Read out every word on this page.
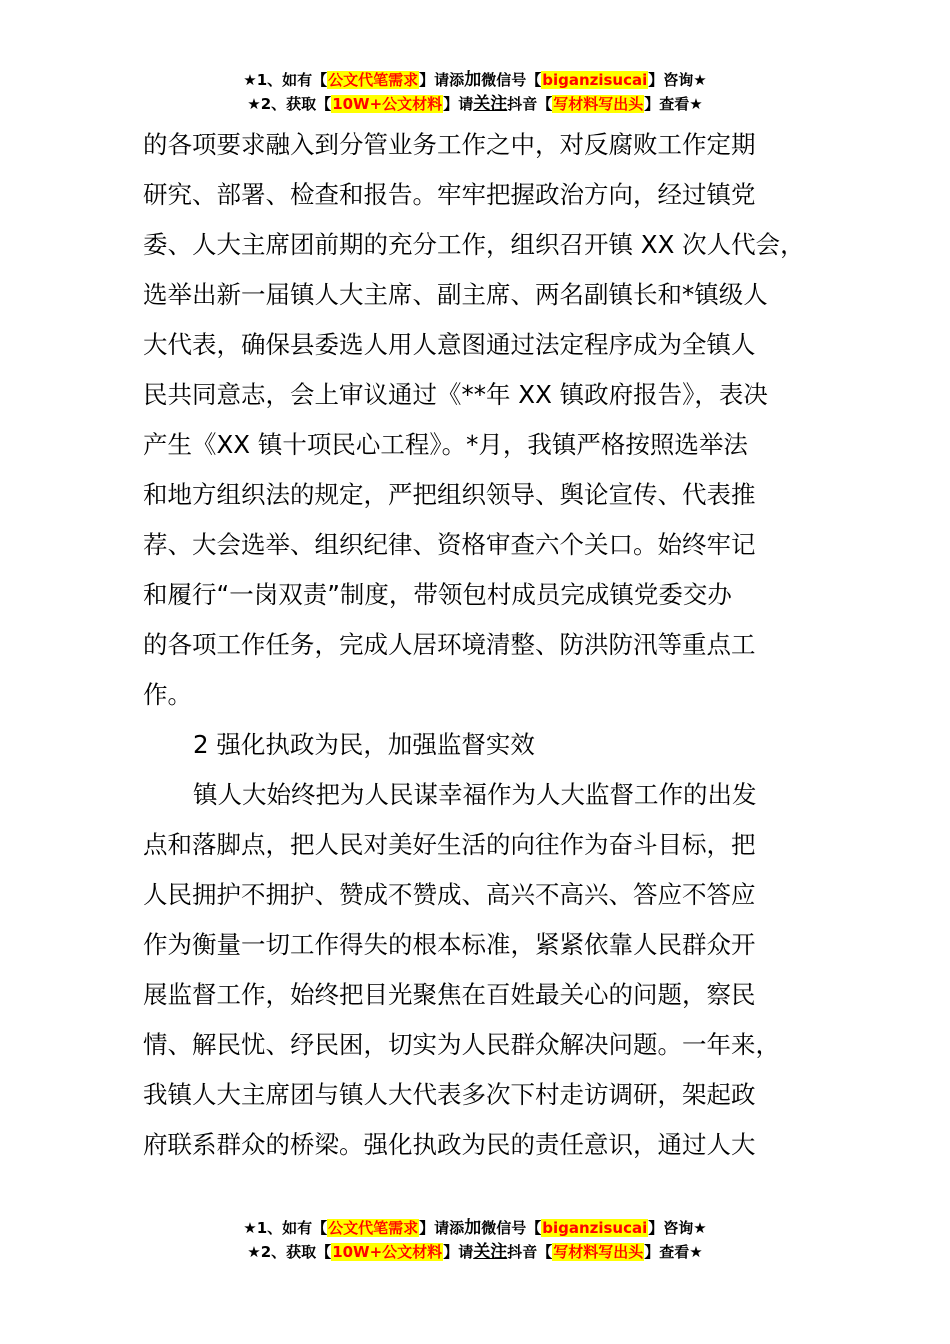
★1、如有【公文代笔需求】请添加微信号【biganzisucai】咨询★
★2、获取【10W+公文材料】请关注抖音【写材料写出头】查看★
的各项要求融入到分管业务工作之中，对反腐败工作定期
研究、部署、检查和报告。牢牢把握政治方向，经过镇党
委、人大主席团前期的充分工作，组织召开镇 XX 次人代会，
选举出新一届镇人大主席、副主席、两名副镇长和*镇级人
大代表，确保县委选人用人意图通过法定程序成为全镇人
民共同意志，会上审议通过《**年 XX 镇政府报告》，表决
产生《XX 镇十项民心工程》。*月，我镇严格按照选举法
和地方组织法的规定，严把组织领导、舆论宣传、代表推
荐、大会选举、组织纪律、资格审查六个关口。始终牢记
和履行“一岗双责”制度，带领包村成员完成镇党委交办
的各项工作任务，完成人居环境清整、防洪防汛等重点工
作。
2 强化执政为民，加强监督实效
镇人大始终把为人民谋幸福作为人大监督工作的出发
点和落脚点，把人民对美好生活的向往作为奋斗目标，把
人民拥护不拥护、赞成不赞成、高兴不高兴、答应不答应
作为衡量一切工作得失的根本标准，紧紧依靠人民群众开
展监督工作，始终把目光聚焦在百姓最关心的问题，察民
情、解民忧、纾民困，切实为人民群众解决问题。一年来，
我镇人大主席团与镇人大代表多次下村走访调研，架起政
府联系群众的桥梁。强化执政为民的责任意识，通过人大
★1、如有【公文代笔需求】请添加微信号【biganzisucai】咨询★
★2、获取【10W+公文材料】请关注抖音【写材料写出头】查看★
